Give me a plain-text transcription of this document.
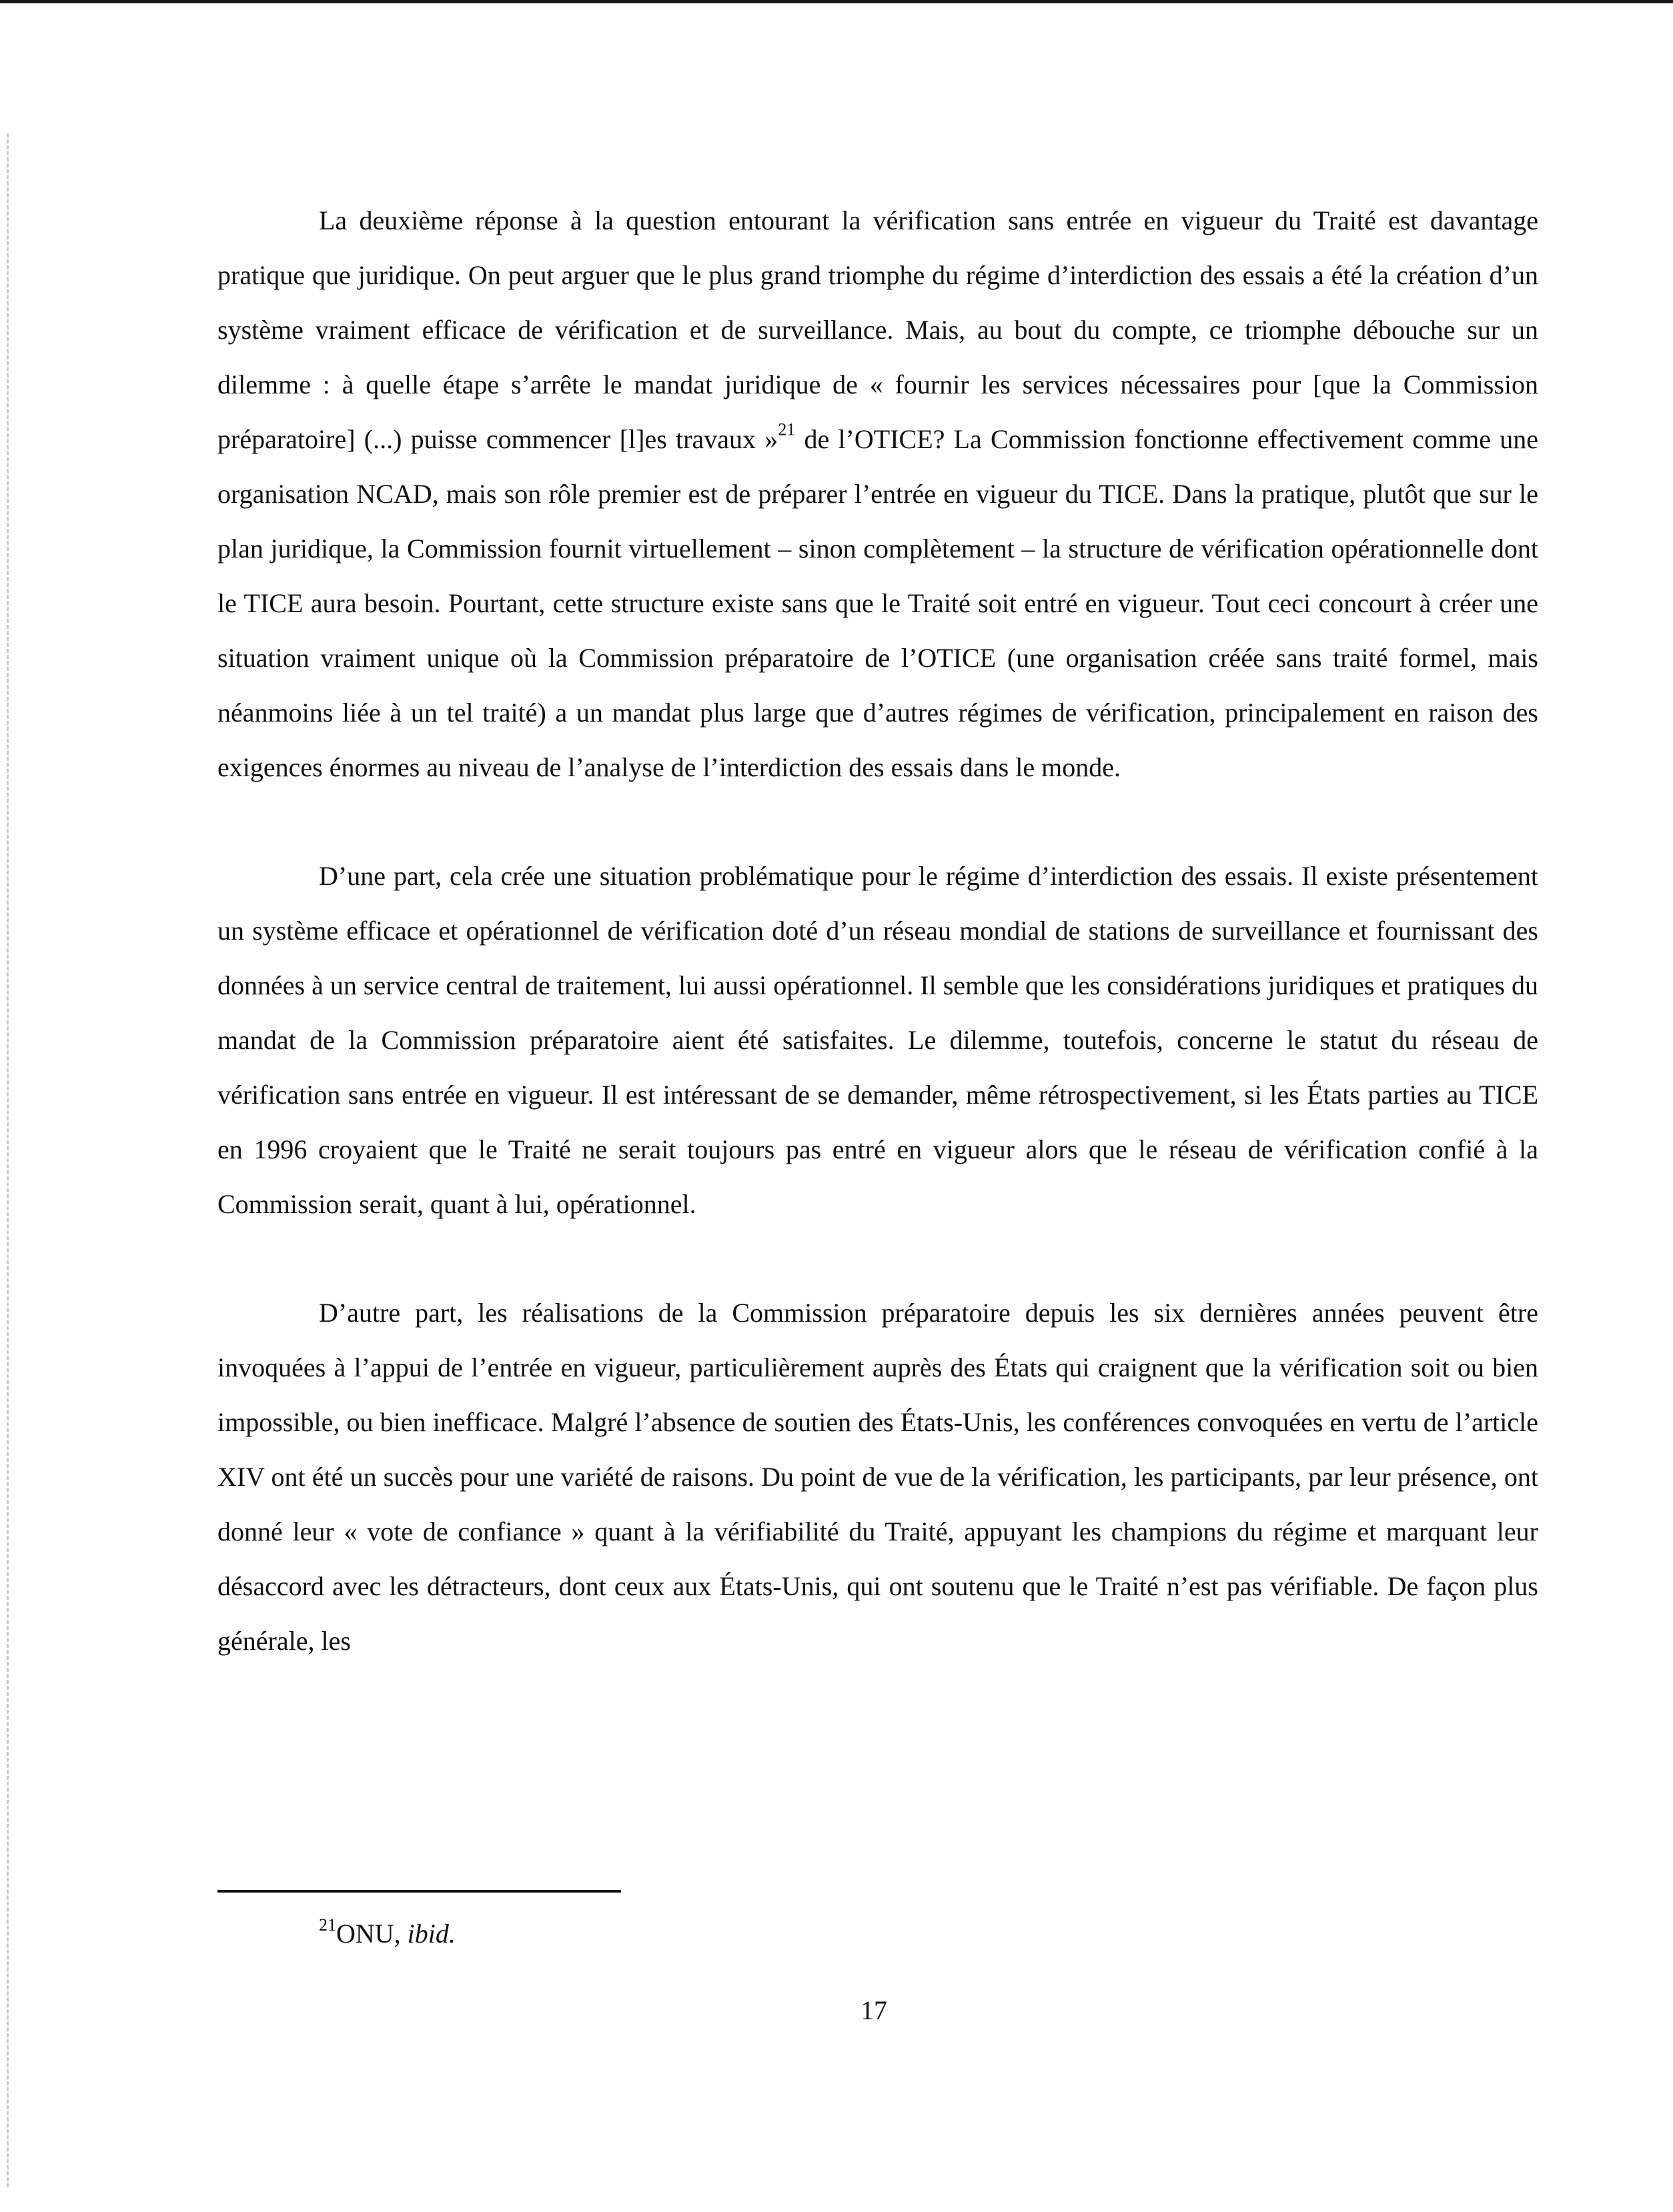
La deuxième réponse à la question entourant la vérification sans entrée en vigueur du Traité est davantage pratique que juridique. On peut arguer que le plus grand triomphe du régime d’interdiction des essais a été la création d’un système vraiment efficace de vérification et de surveillance. Mais, au bout du compte, ce triomphe débouche sur un dilemme : à quelle étape s’arrête le mandat juridique de « fournir les services nécessaires pour [que la Commission préparatoire] (...) puisse commencer [l]es travaux »$^{21}$ de l’OTICE? La Commission fonctionne effectivement comme une organisation NCAD, mais son rôle premier est de préparer l’entrée en vigueur du TICE. Dans la pratique, plutôt que sur le plan juridique, la Commission fournit virtuellement – sinon complètement – la structure de vérification opérationnelle dont le TICE aura besoin. Pourtant, cette structure existe sans que le Traité soit entré en vigueur. Tout ceci concourt à créer une situation vraiment unique où la Commission préparatoire de l’OTICE (une organisation créée sans traité formel, mais néanmoins liée à un tel traité) a un mandat plus large que d’autres régimes de vérification, principalement en raison des exigences énormes au niveau de l’analyse de l’interdiction des essais dans le monde.

D’une part, cela crée une situation problématique pour le régime d’interdiction des essais. Il existe présentement un système efficace et opérationnel de vérification doté d’un réseau mondial de stations de surveillance et fournissant des données à un service central de traitement, lui aussi opérationnel. Il semble que les considérations juridiques et pratiques du mandat de la Commission préparatoire aient été satisfaites. Le dilemme, toutefois, concerne le statut du réseau de vérification sans entrée en vigueur. Il est intéressant de se demander, même rétrospectivement, si les États parties au TICE en 1996 croyaient que le Traité ne serait toujours pas entré en vigueur alors que le réseau de vérification confié à la Commission serait, quant à lui, opérationnel.

D’autre part, les réalisations de la Commission préparatoire depuis les six dernières années peuvent être invoquées à l’appui de l’entrée en vigueur, particulièrement auprès des États qui craignent que la vérification soit ou bien impossible, ou bien inefficace. Malgré l’absence de soutien des États-Unis, les conférences convoquées en vertu de l’article XIV ont été un succès pour une variété de raisons. Du point de vue de la vérification, les participants, par leur présence, ont donné leur « vote de confiance » quant à la vérifiabilité du Traité, appuyant les champions du régime et marquant leur désaccord avec les détracteurs, dont ceux aux États-Unis, qui ont soutenu que le Traité n’est pas vérifiable. De façon plus générale, les

$^{21}$ONU, ibid.
17
